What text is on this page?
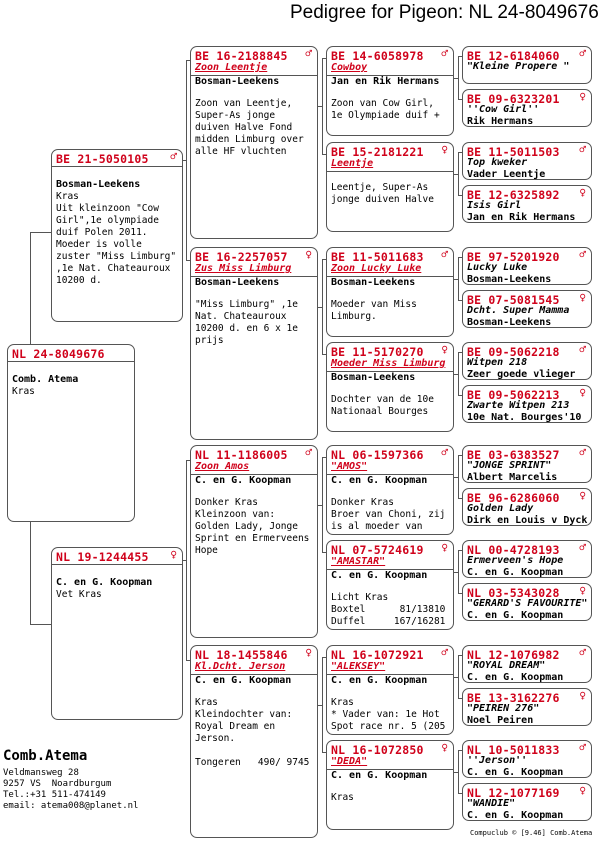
Pedigree for Pigeon: NL 24-8049676
NL 24-8049676
Comb. Atema
Kras
BE 21-5050105 ♂
Bosman-Leekens
Kras
Uit kleinzoon "Cow Girl",1e olympiade duif Polen 2011.
Moeder is volle zuster "Miss Limburg" ,1e Nat. Chateauroux 10200 d.
NL 19-1244455 ♀
C. en G. Koopman
Vet Kras
BE 16-2188845 ♂
Zoon Leentje
Bosman-Leekens
Zoon van Leentje, Super-As jonge duiven Halve Fond midden Limburg over alle HF vluchten
BE 16-2257057 ♀
Zus Miss Limburg
Bosman-Leekens
"Miss Limburg" ,1e Nat. Chateauroux 10200 d. en 6 x 1e prijs
NL 11-1186005 ♂
Zoon Amos
C. en G. Koopman
Donker Kras
Kleinzoon van: Golden Lady, Jonge Sprint en Ermerveens Hope
NL 18-1455846 ♀
Kl.Dcht. Jerson
C. en G. Koopman
Kras
Kleindochter van: Royal Dream en Jerson.

Tongeren   490/ 9745
BE 14-6058978 ♂
Cowboy
Jan en Rik Hermans
Zoon van Cow Girl, 1e Olympiade duif +
BE 15-2181221 ♀
Leentje
Leentje, Super-As jonge duiven Halve
BE 11-5011683 ♂
Zoon Lucky Luke
Bosman-Leekens
Moeder van Miss Limburg.
BE 11-5170270 ♀
Moeder Miss Limburg
Bosman-Leekens
Dochter van de 10e Nationaal Bourges
NL 06-1597366 ♂
"AMOS"
C. en G. Koopman
Donker Kras
Broer van Choni, zij is al moeder van
NL 07-5724619 ♀
"AMASTAR"
C. en G. Koopman
Licht Kras
Boxtel      81/13810
Duffel     167/16281
NL 16-1072921 ♂
"ALEKSEY"
C. en G. Koopman
Kras
* Vader van: 1e Hot Spot race nr. 5 (205
NL 16-1072850 ♀
"DEDA"
C. en G. Koopman
Kras
BE 12-6184060 ♂
"Kleine Propere "
BE 09-6323201 ♀
''Cow Girl''
Rik Hermans
BE 11-5011503 ♂
Top kweker
Vader Leentje
BE 12-6325892 ♀
Isis Girl
Jan en Rik Hermans
BE 97-5201920 ♂
Lucky Luke
Bosman-Leekens
BE 07-5081545 ♀
Dcht. Super Mamma
Bosman-Leekens
BE 09-5062218 ♂
Witpen 218
Zeer goede vlieger
BE 09-5062213 ♀
Zwarte Witpen 213
10e Nat. Bourges'10
BE 03-6383527 ♂
"JONGE SPRINT"
Albert Marcelis
BE 96-6286060 ♀
Golden Lady
Dirk en Louis v Dyck
NL 00-4728193 ♂
Ermerveen's Hope
C. en G. Koopman
NL 03-5343028 ♀
"GERARD'S FAVOURITE"
C. en G. Koopman
NL 12-1076982 ♂
"ROYAL DREAM"
C. en G. Koopman
BE 13-3162276 ♀
"PEIREN 276"
Noel Peiren
NL 10-5011833 ♂
''Jerson''
C. en G. Koopman
NL 12-1077169 ♀
"WANDIE"
C. en G. Koopman
Comb.Atema
Veldmansweg 28
9257 VS  Noardburgum
Tel.:+31 511-474149
email: atema008@planet.nl
Compuclub © [9.46] Comb.Atema
